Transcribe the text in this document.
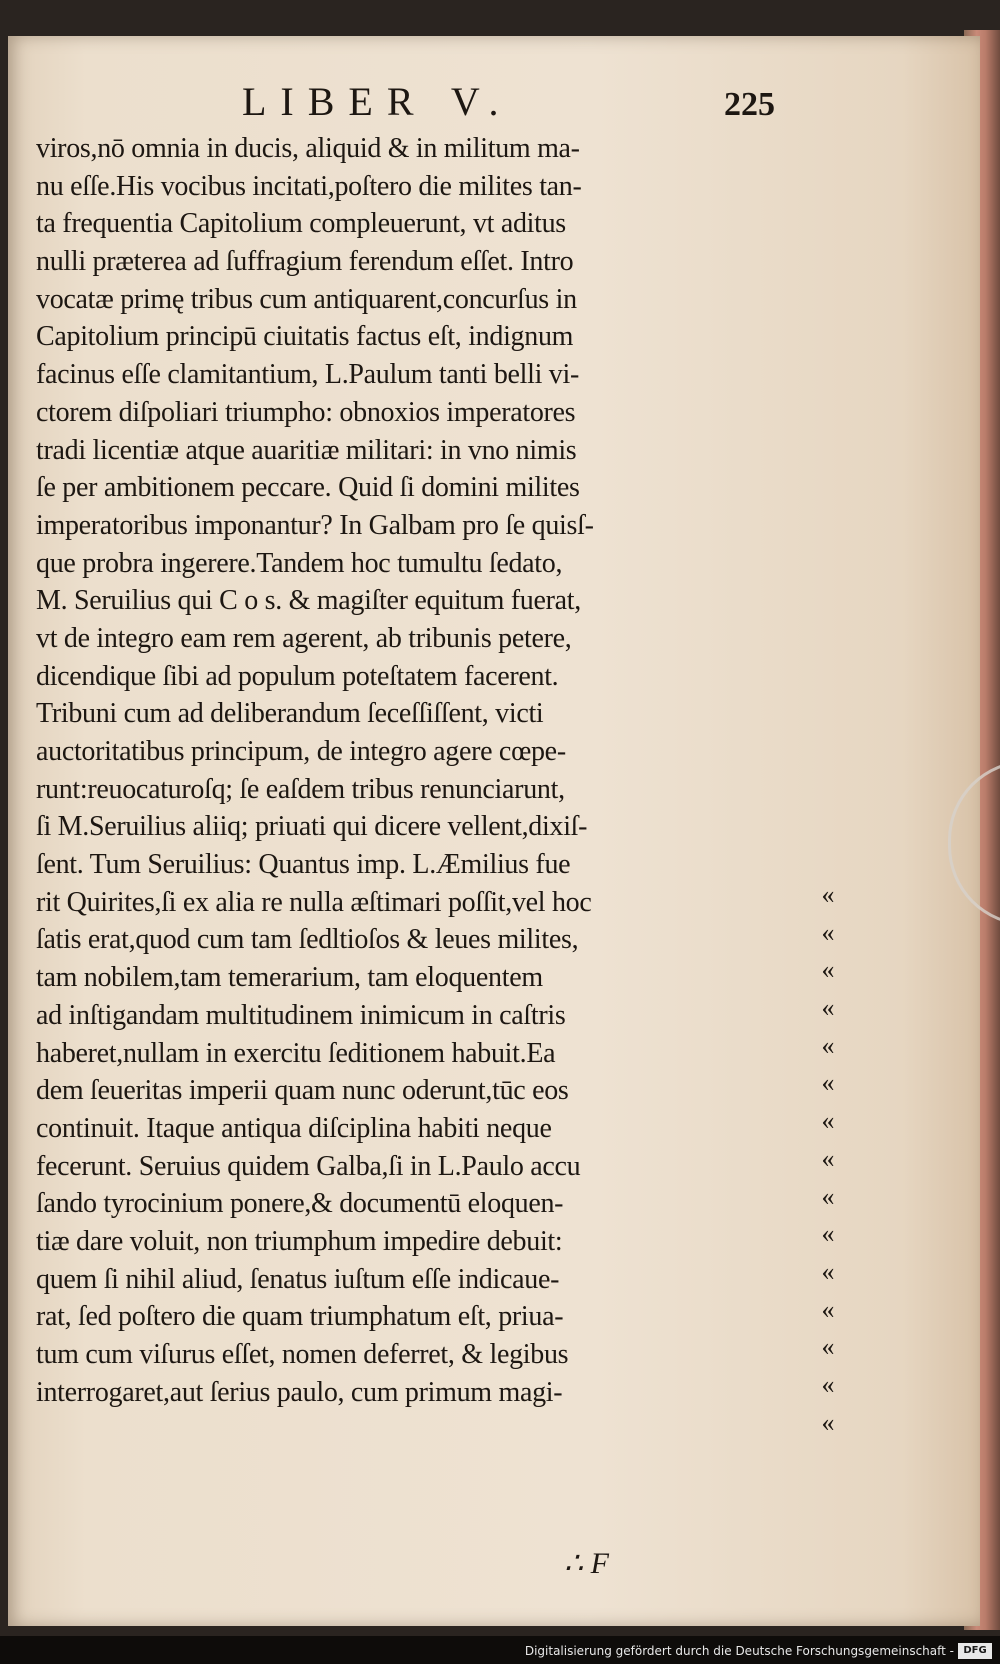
LIBER V.	225
viros,nō omnia in ducis, aliquid & in militum ma-
nu eſſe.His vocibus incitati,poſtero die milites tan-
ta frequentia Capitolium compleuerunt, vt aditus
nulli præterea ad ſuffragium ferendum eſſet. Intro
vocatæ primę tribus cum antiquarent,concurſus in
Capitolium principū ciuitatis factus eſt, indignum
facinus eſſe clamitantium, L.Paulum tanti belli vi-
ctorem diſpoliari triumpho: obnoxios imperatores
tradi licentiæ atque auaritiæ militari: in vno nimis
ſe per ambitionem peccare. Quid ſi domini milites
imperatoribus imponantur? In Galbam pro ſe quisſ-
que probra ingerere.Tandem hoc tumultu ſedato,
M. Seruilius qui C o s. & magiſter equitum fuerat,
vt de integro eam rem agerent, ab tribunis petere,
dicendique ſibi ad populum poteſtatem facerent.
Tribuni cum ad deliberandum ſeceſſiſſent, victi
auctoritatibus principum, de integro agere cœpe-
runt:reuocaturoſq; ſe eaſdem tribus renunciarunt,
ſi M.Seruilius aliiq; priuati qui dicere vellent,dixiſ-
ſent. Tum Seruilius: Quantus imp. L.Æmilius fue
rit Quirites,ſi ex alia re nulla æſtimari poſſit,vel hoc
ſatis erat,quod cum tam ſedltioſos & leues milites,
tam nobilem,tam temerarium, tam eloquentem
ad inſtigandam multitudinem inimicum in caſtris
haberet,nullam in exercitu ſeditionem habuit.Ea
dem ſeueritas imperii quam nunc oderunt,tūc eos
continuit. Itaque antiqua diſciplina habiti neque
fecerunt. Seruius quidem Galba,ſi in L.Paulo accu
ſando tyrocinium ponere,& documentū eloquen-
tiæ dare voluit, non triumphum impedire debuit:
quem ſi nihil aliud, ſenatus iuſtum eſſe indicaue-
rat, ſed poſtero die quam triumphatum eſt, priua-
tum cum viſurus eſſet, nomen deferret, & legibus
interrogaret,aut ſerius paulo, cum primum magi-
«
«
«
«
«
«
«
«
«
«
«
«
«
«
«
∴ F
Digitalisierung gefördert durch die Deutsche Forschungsgemeinschaft - DFG
